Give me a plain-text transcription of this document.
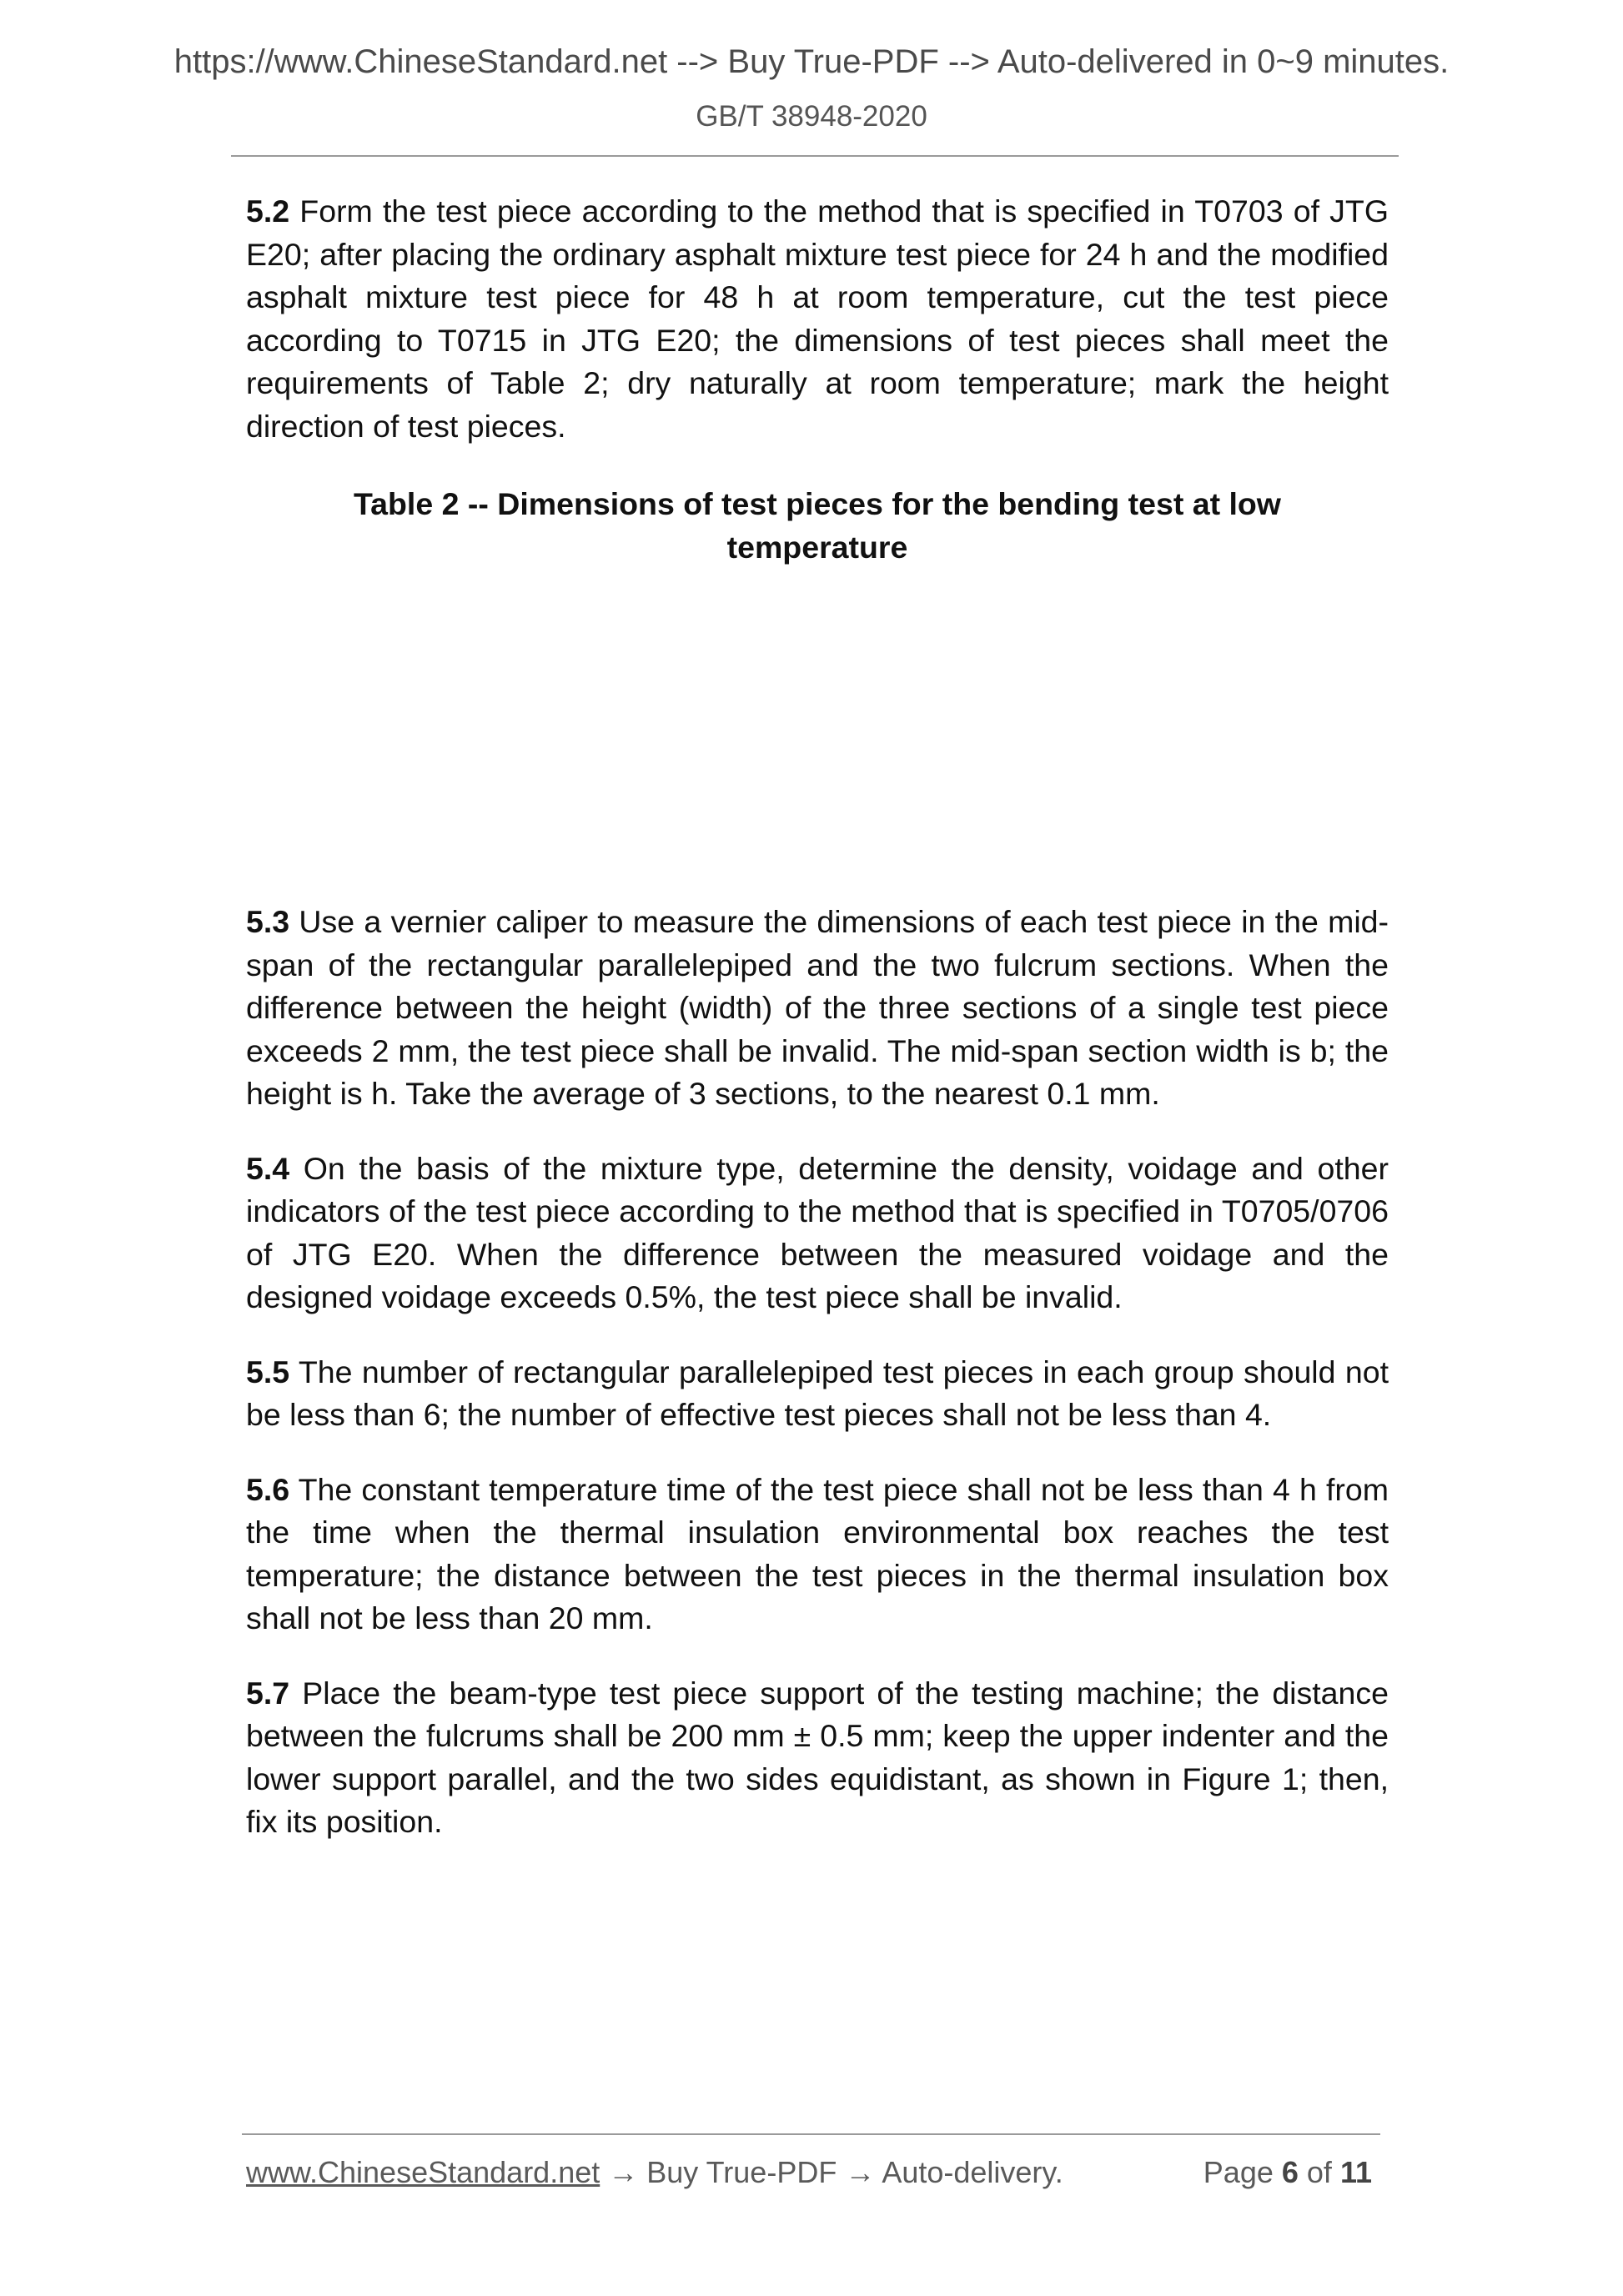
https://www.ChineseStandard.net --> Buy True-PDF --> Auto-delivered in 0~9 minutes.
GB/T 38948-2020

5.2 Form the test piece according to the method that is specified in T0703 of JTG E20; after placing the ordinary asphalt mixture test piece for 24 h and the modified asphalt mixture test piece for 48 h at room temperature, cut the test piece according to T0715 in JTG E20; the dimensions of test pieces shall meet the requirements of Table 2; dry naturally at room temperature; mark the height direction of test pieces.

Table 2 -- Dimensions of test pieces for the bending test at low
temperature

5.3 Use a vernier caliper to measure the dimensions of each test piece in the mid-span of the rectangular parallelepiped and the two fulcrum sections. When the difference between the height (width) of the three sections of a single test piece exceeds 2 mm, the test piece shall be invalid. The mid-span section width is b; the height is h. Take the average of 3 sections, to the nearest 0.1 mm.

5.4 On the basis of the mixture type, determine the density, voidage and other indicators of the test piece according to the method that is specified in T0705/0706 of JTG E20. When the difference between the measured voidage and the designed voidage exceeds 0.5%, the test piece shall be invalid.

5.5 The number of rectangular parallelepiped test pieces in each group should not be less than 6; the number of effective test pieces shall not be less than 4.

5.6 The constant temperature time of the test piece shall not be less than 4 h from the time when the thermal insulation environmental box reaches the test temperature; the distance between the test pieces in the thermal insulation box shall not be less than 20 mm.

5.7 Place the beam-type test piece support of the testing machine; the distance between the fulcrums shall be 200 mm ± 0.5 mm; keep the upper indenter and the lower support parallel, and the two sides equidistant, as shown in Figure 1; then, fix its position.

www.ChineseStandard.net → Buy True-PDF → Auto-delivery.	Page 6 of 11
